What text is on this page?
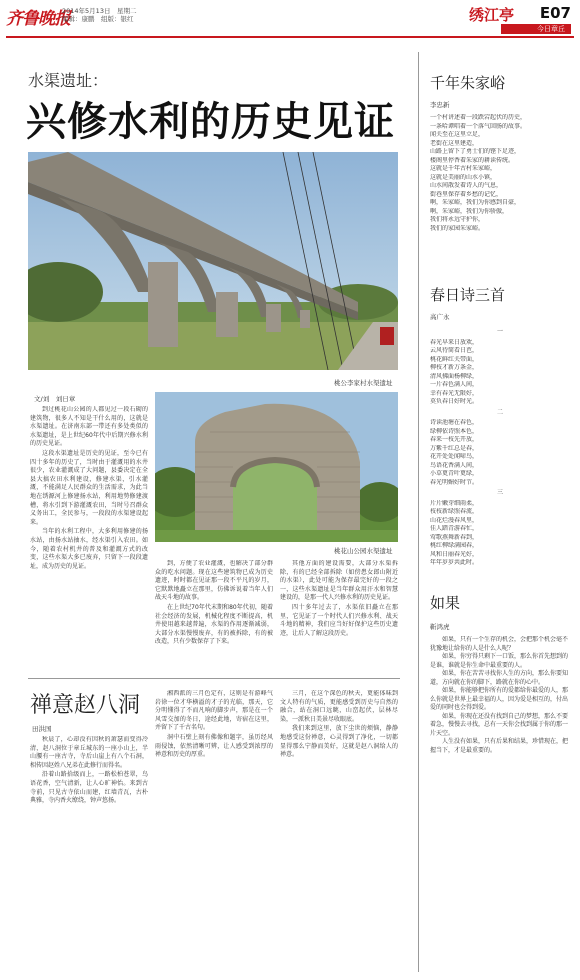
齐鲁晚报
2014年5月13日　星期二
编辑：康鹏　组版：银红	绣江亭 E07
今日章丘
水渠遗址：
兴修水利的历史见证
桃公李家村水渠遗址
文/刘　刘日章
桃花山公园水渠遗址

到过桃花山公园的人都见过一段石砌的建筑物，很多人不知是干什么用的，这就是水渠遗址。在济南东部一带还有多处类似的水渠遗址，是上世纪60年代中后期兴修水利的历史见证。

这段水渠遗址是历史的见证，至今已有四十多年的历史了，当时由于灌溉用的水井很少，农业灌溉成了大问题，县委决定在全县大搞农田水利建设，修建水渠，引水灌溉，不能满足人民群众的生活需求，为此当地在绣源河上修建扬水站，利用地势修建渡槽，将水引到下游灌溉农田，当时号召群众义务出工，全民参与，一段段的水渠建设起来。

当年的水利工程中，大多利用修建的扬水站，由扬水站抽水，经水渠引入农田。如今，随着农村机井的普及和灌溉方式的改变，这些水渠大多已废弃，只留下一段段遗址，成为历史的见证。	到，方便了农业灌溉，也解决了部分群众的吃水问题。现在这些建筑物已成为历史遗迹，时时都在见证那一段不平凡的岁月，它默默地矗立在那里，仿佛诉说着当年人们战天斗地的故事。

在上世纪70年代末期和80年代初，随着社会经济的发展，机械化程度不断提高，机井使用越来越普遍，水渠的作用逐渐减弱，大部分水渠慢慢废弃，有的被拆除，有的被改造，只有少数保存了下来。

其他方面的建设需要，大部分水渠拆除，有的已经全部拆除（如傍患女郎山附近的水渠），此处可能为保存最完好的一段之一，这些水渠遗址是当年群众用汗水和智慧建设的，是那一代人兴修水利的历史见证。

四十多年过去了，水渠依旧矗立在那里，它见证了一个时代人们兴修水利、战天斗地的精神，我们应当好好保护这些历史遗迹，让后人了解这段历史。

禅意赵八洞
田洪国

秋晨了，心却没有因秋的萧瑟而变得冷清，赵八洞位于章丘城东的一座小山上，半山腰有一座古寺，寺后山崖上有八个石洞，相传因赵姓八兄弟在此修行而得名。

沿着山路拾级而上，一路松柏苍翠，鸟语花香，空气清新，让人心旷神怡。来到古寺前，只见古寺依山而建，红墙青瓦，古朴典雅，寺内香火缭绕，钟声悠扬。

湘西派的三月色定有，这则是有游峰气岩徐一位才华横溢的才子的光临，那天，它分明懂得了不而凡响的脚步声，那是在一个风雪交加的冬日，途经此地，寄宿在这里，并留下了千古名句。

洞中石壁上刻有佛像和题字，虽历经风雨侵蚀，依然清晰可辨，让人感受到浓厚的禅意和历史的厚重。

三月，在这个深色的秋天，更能体味到文人特有的气质，更能感受到历史与自然的融合，站在洞口远眺，山峦起伏，层林尽染，一派秋日美景尽收眼底。

我们来到这里，放下尘世的烦恼，静静地感受这份禅意，心灵得到了净化，一切都显得那么宁静而美好，这就是赵八洞给人的禅意。

千年朱家峪
李忠新
一个村讲述着一段跌宕起伏的历史，
一条哈谭唱着一个落气回肠的故事。
闻关至在这里立足，
老街在这里建造，
山路上留下了勇士们的铿下足迹，
楼阁里停香着朱家的耕读传统。
这就是千年古村朱家峪，
这就是美丽的山水小镇，
山水间散发着诗人的气息，
街巷里保存着乡愁的记忆，
啊，朱家峪，我们为你感到自豪，
啊，朱家峪，我们为你骄傲，
我们将永远守护你，
我们的家园朱家峪。
春日诗三首
高广永
一
春光早来日放欢，
云风待简看日芭，
桃花鲜红关带面，
柳枝才新万条金，
清风拂面杨柳绿，
一片春色满人间，
幸有春光无限好，
莫负春日好时光。
二
诗读池塘在春色，
绿柳依诗照本色，
春来一枝先开放，
万紫千红总是春，
花开处处闻啼鸟，
鸟语花香满人间，
小草更青叶更绿，
春光明媚好时节。
三
片片嫩芽细雨柔，
枝枝新绿照春流，
山花烂漫春风里，
佳人踏青游春忙，
莺歌燕舞新春到，
桃红柳绿满园春，
风和日丽春光好，
年年岁岁共此时。
如果
靳鸿虎

如果，只有一个生存的机会，会把那个机会毫不犹豫地让给你的人是什么人呢？

如果，你穷得只剩下一口饭，那么你首先想到的是谁，谁就是你生命中最重要的人。

如果，你在苦苦寻找你人生的方向，那么你要知道，方向就在你的脚下，路就在你的心中。

如果，你能够把你所有的爱都给你最爱的人，那么你就是世界上最幸福的人，因为爱是相互的，付出爱的同时也会得到爱。

如果，你现在还没有找到自己的梦想，那么不要着急，慢慢去寻找，总有一天你会找到属于你的那一片天空。

人生没有如果，只有后果和结果，珍惜现在，把握当下，才是最重要的。
